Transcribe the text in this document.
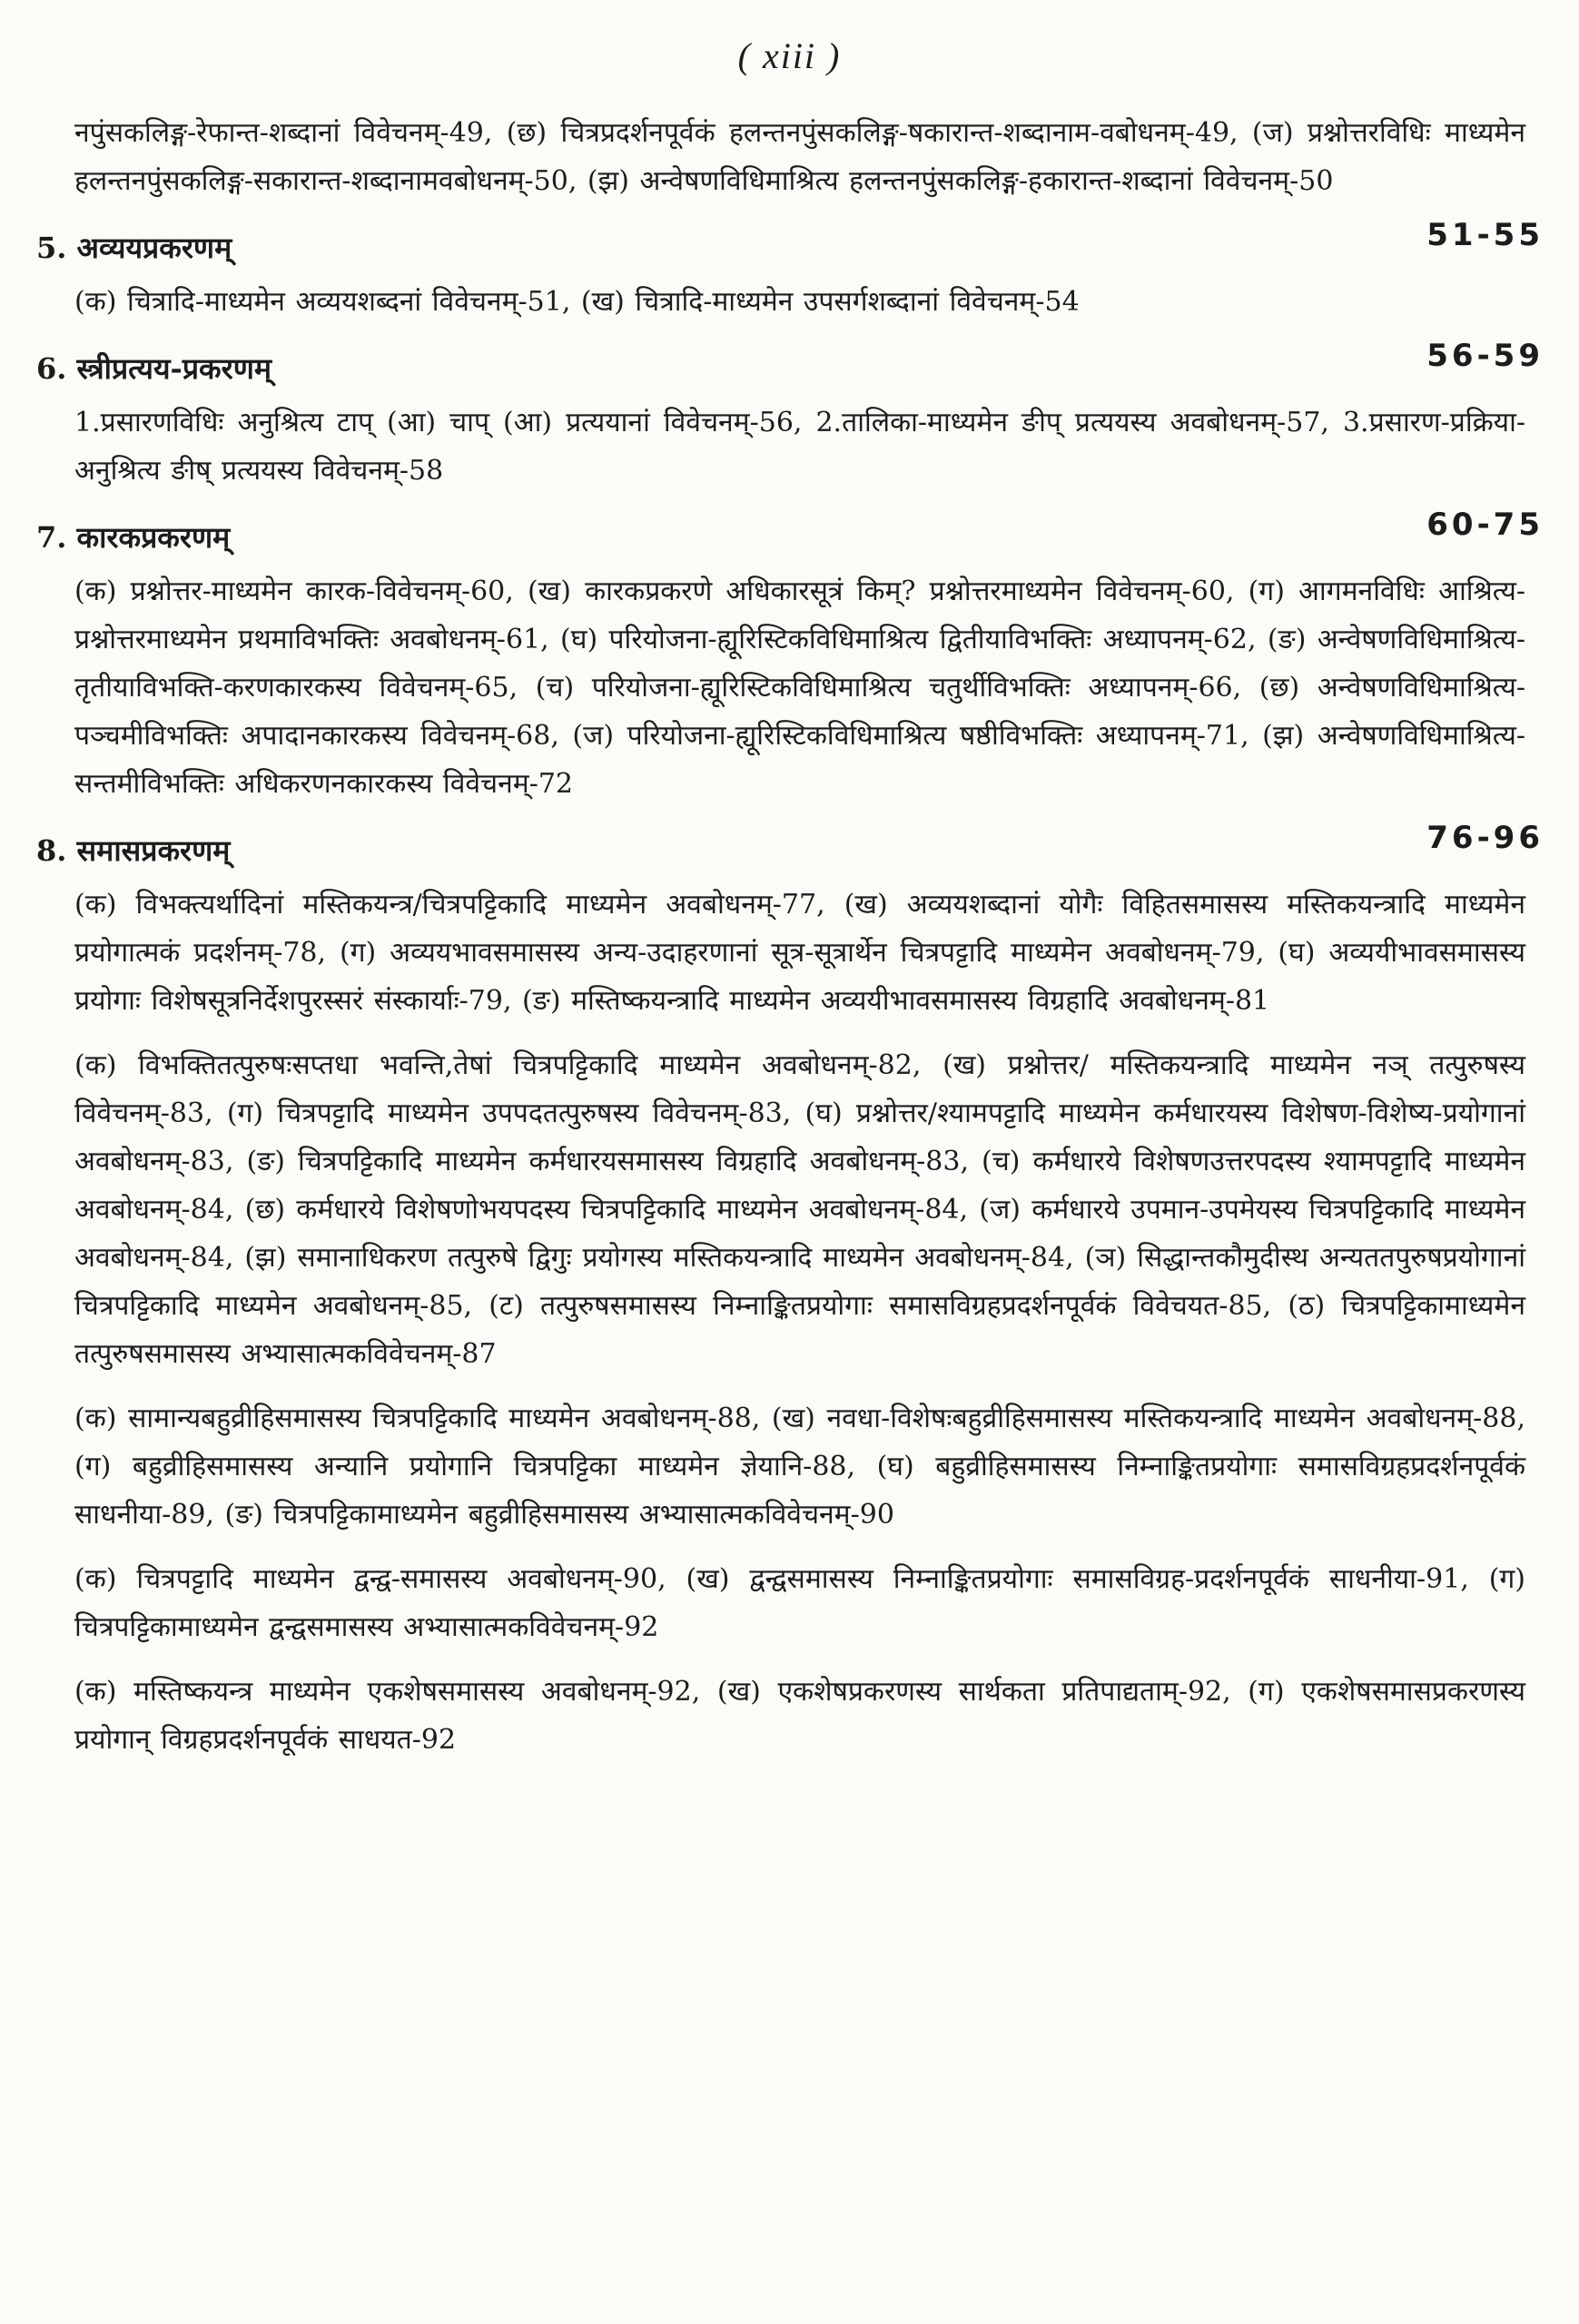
( xiii )

नपुंसकलिङ्ग-रेफान्त-शब्दानां विवेचनम्-49, (छ) चित्रप्रदर्शनपूर्वकं हलन्तनपुंसकलिङ्ग-षकारान्त-शब्दानाम-वबोधनम्-49, (ज) प्रश्नोत्तरविधिः माध्यमेन हलन्तनपुंसकलिङ्ग-सकारान्त-शब्दानामवबोधनम्-50, (झ) अन्वेषणविधिमाश्रित्य हलन्तनपुंसकलिङ्ग-हकारान्त-शब्दानां विवेचनम्-50

5. अव्ययप्रकरणम्	51-55

(क) चित्रादि-माध्यमेन अव्ययशब्दनां विवेचनम्-51, (ख) चित्रादि-माध्यमेन उपसर्गशब्दानां विवेचनम्-54

6. स्त्रीप्रत्यय-प्रकरणम्	56-59

1.प्रसारणविधिः अनुश्रित्य टाप् (आ) चाप् (आ) प्रत्ययानां विवेचनम्-56, 2.तालिका-माध्यमेन ङीप् प्रत्ययस्य अवबोधनम्-57, 3.प्रसारण-प्रक्रिया-अनुश्रित्य ङीष् प्रत्ययस्य विवेचनम्-58

7. कारकप्रकरणम्	60-75

(क) प्रश्नोत्तर-माध्यमेन कारक-विवेचनम्-60, (ख) कारकप्रकरणे अधिकारसूत्रं किम्? प्रश्नोत्तरमाध्यमेन विवेचनम्-60, (ग) आगमनविधिः आश्रित्य-प्रश्नोत्तरमाध्यमेन प्रथमाविभक्तिः अवबोधनम्-61, (घ) परियोजना-ह्यूरिस्टिकविधिमाश्रित्य द्वितीयाविभक्तिः अध्यापनम्-62, (ङ) अन्वेषणविधिमाश्रित्य-तृतीयाविभक्ति-करणकारकस्य विवेचनम्-65, (च) परियोजना-ह्यूरिस्टिकविधिमाश्रित्य चतुर्थीविभक्तिः अध्यापनम्-66, (छ) अन्वेषणविधिमाश्रित्य-पञ्चमीविभक्तिः अपादानकारकस्य विवेचनम्-68, (ज) परियोजना-ह्यूरिस्टिकविधिमाश्रित्य षष्ठीविभक्तिः अध्यापनम्-71, (झ) अन्वेषणविधिमाश्रित्य-सन्तमीविभक्तिः अधिकरणनकारकस्य विवेचनम्-72

8. समासप्रकरणम्	76-96

(क) विभक्त्यर्थादिनां मस्तिकयन्त्र/चित्रपट्टिकादि माध्यमेन अवबोधनम्-77, (ख) अव्ययशब्दानां योगैः विहितसमासस्य मस्तिकयन्त्रादि माध्यमेन प्रयोगात्मकं प्रदर्शनम्-78, (ग) अव्ययभावसमासस्य अन्य-उदाहरणानां सूत्र-सूत्रार्थेन चित्रपट्टादि माध्यमेन अवबोधनम्-79, (घ) अव्ययीभावसमासस्य प्रयोगाः विशेषसूत्रनिर्देशपुरस्सरं संस्कार्याः-79, (ङ) मस्तिष्कयन्त्रादि माध्यमेन अव्ययीभावसमासस्य विग्रहादि अवबोधनम्-81

(क) विभक्तितत्पुरुषःसप्तधा भवन्ति,तेषां चित्रपट्टिकादि माध्यमेन अवबोधनम्-82, (ख) प्रश्नोत्तर/ मस्तिकयन्त्रादि माध्यमेन नञ् तत्पुरुषस्य विवेचनम्-83, (ग) चित्रपट्टादि माध्यमेन उपपदतत्पुरुषस्य विवेचनम्-83, (घ) प्रश्नोत्तर/श्यामपट्टादि माध्यमेन कर्मधारयस्य विशेषण-विशेष्य-प्रयोगानां अवबोधनम्-83, (ङ) चित्रपट्टिकादि माध्यमेन कर्मधारयसमासस्य विग्रहादि अवबोधनम्-83, (च) कर्मधारये विशेषणउत्तरपदस्य श्यामपट्टादि माध्यमेन अवबोधनम्-84, (छ) कर्मधारये विशेषणोभयपदस्य चित्रपट्टिकादि माध्यमेन अवबोधनम्-84, (ज) कर्मधारये उपमान-उपमेयस्य चित्रपट्टिकादि माध्यमेन अवबोधनम्-84, (झ) समानाधिकरण तत्पुरुषे द्विगुः प्रयोगस्य मस्तिकयन्त्रादि माध्यमेन अवबोधनम्-84, (ञ) सिद्धान्तकौमुदीस्थ अन्यततपुरुषप्रयोगानां चित्रपट्टिकादि माध्यमेन अवबोधनम्-85, (ट) तत्पुरुषसमासस्य निम्नाङ्कितप्रयोगाः समासविग्रहप्रदर्शनपूर्वकं विवेचयत-85, (ठ) चित्रपट्टिकामाध्यमेन तत्पुरुषसमासस्य अभ्यासात्मकविवेचनम्-87

(क) सामान्यबहुव्रीहिसमासस्य चित्रपट्टिकादि माध्यमेन अवबोधनम्-88, (ख) नवधा-विशेषःबहुव्रीहिसमासस्य मस्तिकयन्त्रादि माध्यमेन अवबोधनम्-88, (ग) बहुव्रीहिसमासस्य अन्यानि प्रयोगानि चित्रपट्टिका माध्यमेन ज्ञेयानि-88, (घ) बहुव्रीहिसमासस्य निम्नाङ्कितप्रयोगाः समासविग्रहप्रदर्शनपूर्वकं साधनीया-89, (ङ) चित्रपट्टिकामाध्यमेन बहुव्रीहिसमासस्य अभ्यासात्मकविवेचनम्-90

(क) चित्रपट्टादि माध्यमेन द्वन्द्व-समासस्य अवबोधनम्-90, (ख) द्वन्द्वसमासस्य निम्नाङ्कितप्रयोगाः समासविग्रह-प्रदर्शनपूर्वकं साधनीया-91, (ग) चित्रपट्टिकामाध्यमेन द्वन्द्वसमासस्य अभ्यासात्मकविवेचनम्-92

(क) मस्तिष्कयन्त्र माध्यमेन एकशेषसमासस्य अवबोधनम्-92, (ख) एकशेषप्रकरणस्य सार्थकता प्रतिपाद्यताम्-92, (ग) एकशेषसमासप्रकरणस्य प्रयोगान् विग्रहप्रदर्शनपूर्वकं साधयत-92
